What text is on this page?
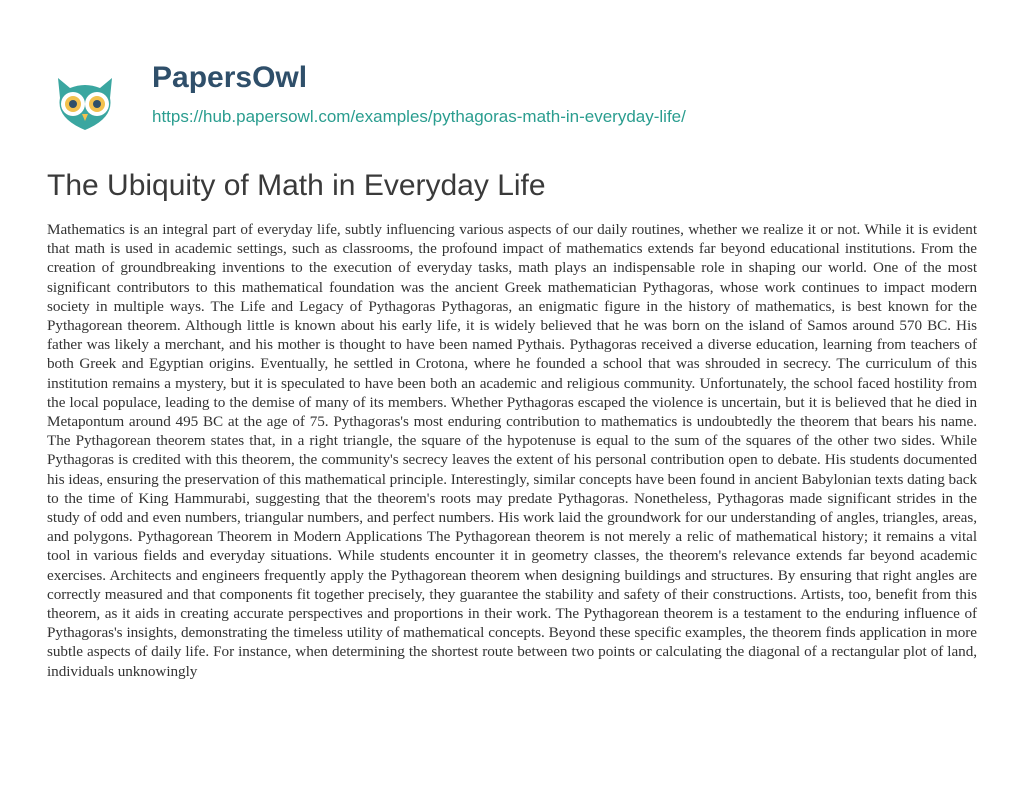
PapersOwl
https://hub.papersowl.com/examples/pythagoras-math-in-everyday-life/
The Ubiquity of Math in Everyday Life

Mathematics is an integral part of everyday life, subtly influencing various aspects of our daily routines, whether we realize it or not. While it is evident that math is used in academic settings, such as classrooms, the profound impact of mathematics extends far beyond educational institutions. From the creation of groundbreaking inventions to the execution of everyday tasks, math plays an indispensable role in shaping our world. One of the most significant contributors to this mathematical foundation was the ancient Greek mathematician Pythagoras, whose work continues to impact modern society in multiple ways. The Life and Legacy of Pythagoras Pythagoras, an enigmatic figure in the history of mathematics, is best known for the Pythagorean theorem. Although little is known about his early life, it is widely believed that he was born on the island of Samos around 570 BC. His father was likely a merchant, and his mother is thought to have been named Pythais. Pythagoras received a diverse education, learning from teachers of both Greek and Egyptian origins. Eventually, he settled in Crotona, where he founded a school that was shrouded in secrecy. The curriculum of this institution remains a mystery, but it is speculated to have been both an academic and religious community. Unfortunately, the school faced hostility from the local populace, leading to the demise of many of its members. Whether Pythagoras escaped the violence is uncertain, but it is believed that he died in Metapontum around 495 BC at the age of 75. Pythagoras's most enduring contribution to mathematics is undoubtedly the theorem that bears his name. The Pythagorean theorem states that, in a right triangle, the square of the hypotenuse is equal to the sum of the squares of the other two sides. While Pythagoras is credited with this theorem, the community's secrecy leaves the extent of his personal contribution open to debate. His students documented his ideas, ensuring the preservation of this mathematical principle. Interestingly, similar concepts have been found in ancient Babylonian texts dating back to the time of King Hammurabi, suggesting that the theorem's roots may predate Pythagoras. Nonetheless, Pythagoras made significant strides in the study of odd and even numbers, triangular numbers, and perfect numbers. His work laid the groundwork for our understanding of angles, triangles, areas, and polygons. Pythagorean Theorem in Modern Applications The Pythagorean theorem is not merely a relic of mathematical history; it remains a vital tool in various fields and everyday situations. While students encounter it in geometry classes, the theorem's relevance extends far beyond academic exercises. Architects and engineers frequently apply the Pythagorean theorem when designing buildings and structures. By ensuring that right angles are correctly measured and that components fit together precisely, they guarantee the stability and safety of their constructions. Artists, too, benefit from this theorem, as it aids in creating accurate perspectives and proportions in their work. The Pythagorean theorem is a testament to the enduring influence of Pythagoras's insights, demonstrating the timeless utility of mathematical concepts. Beyond these specific examples, the theorem finds application in more subtle aspects of daily life. For instance, when determining the shortest route between two points or calculating the diagonal of a rectangular plot of land, individuals unknowingly
